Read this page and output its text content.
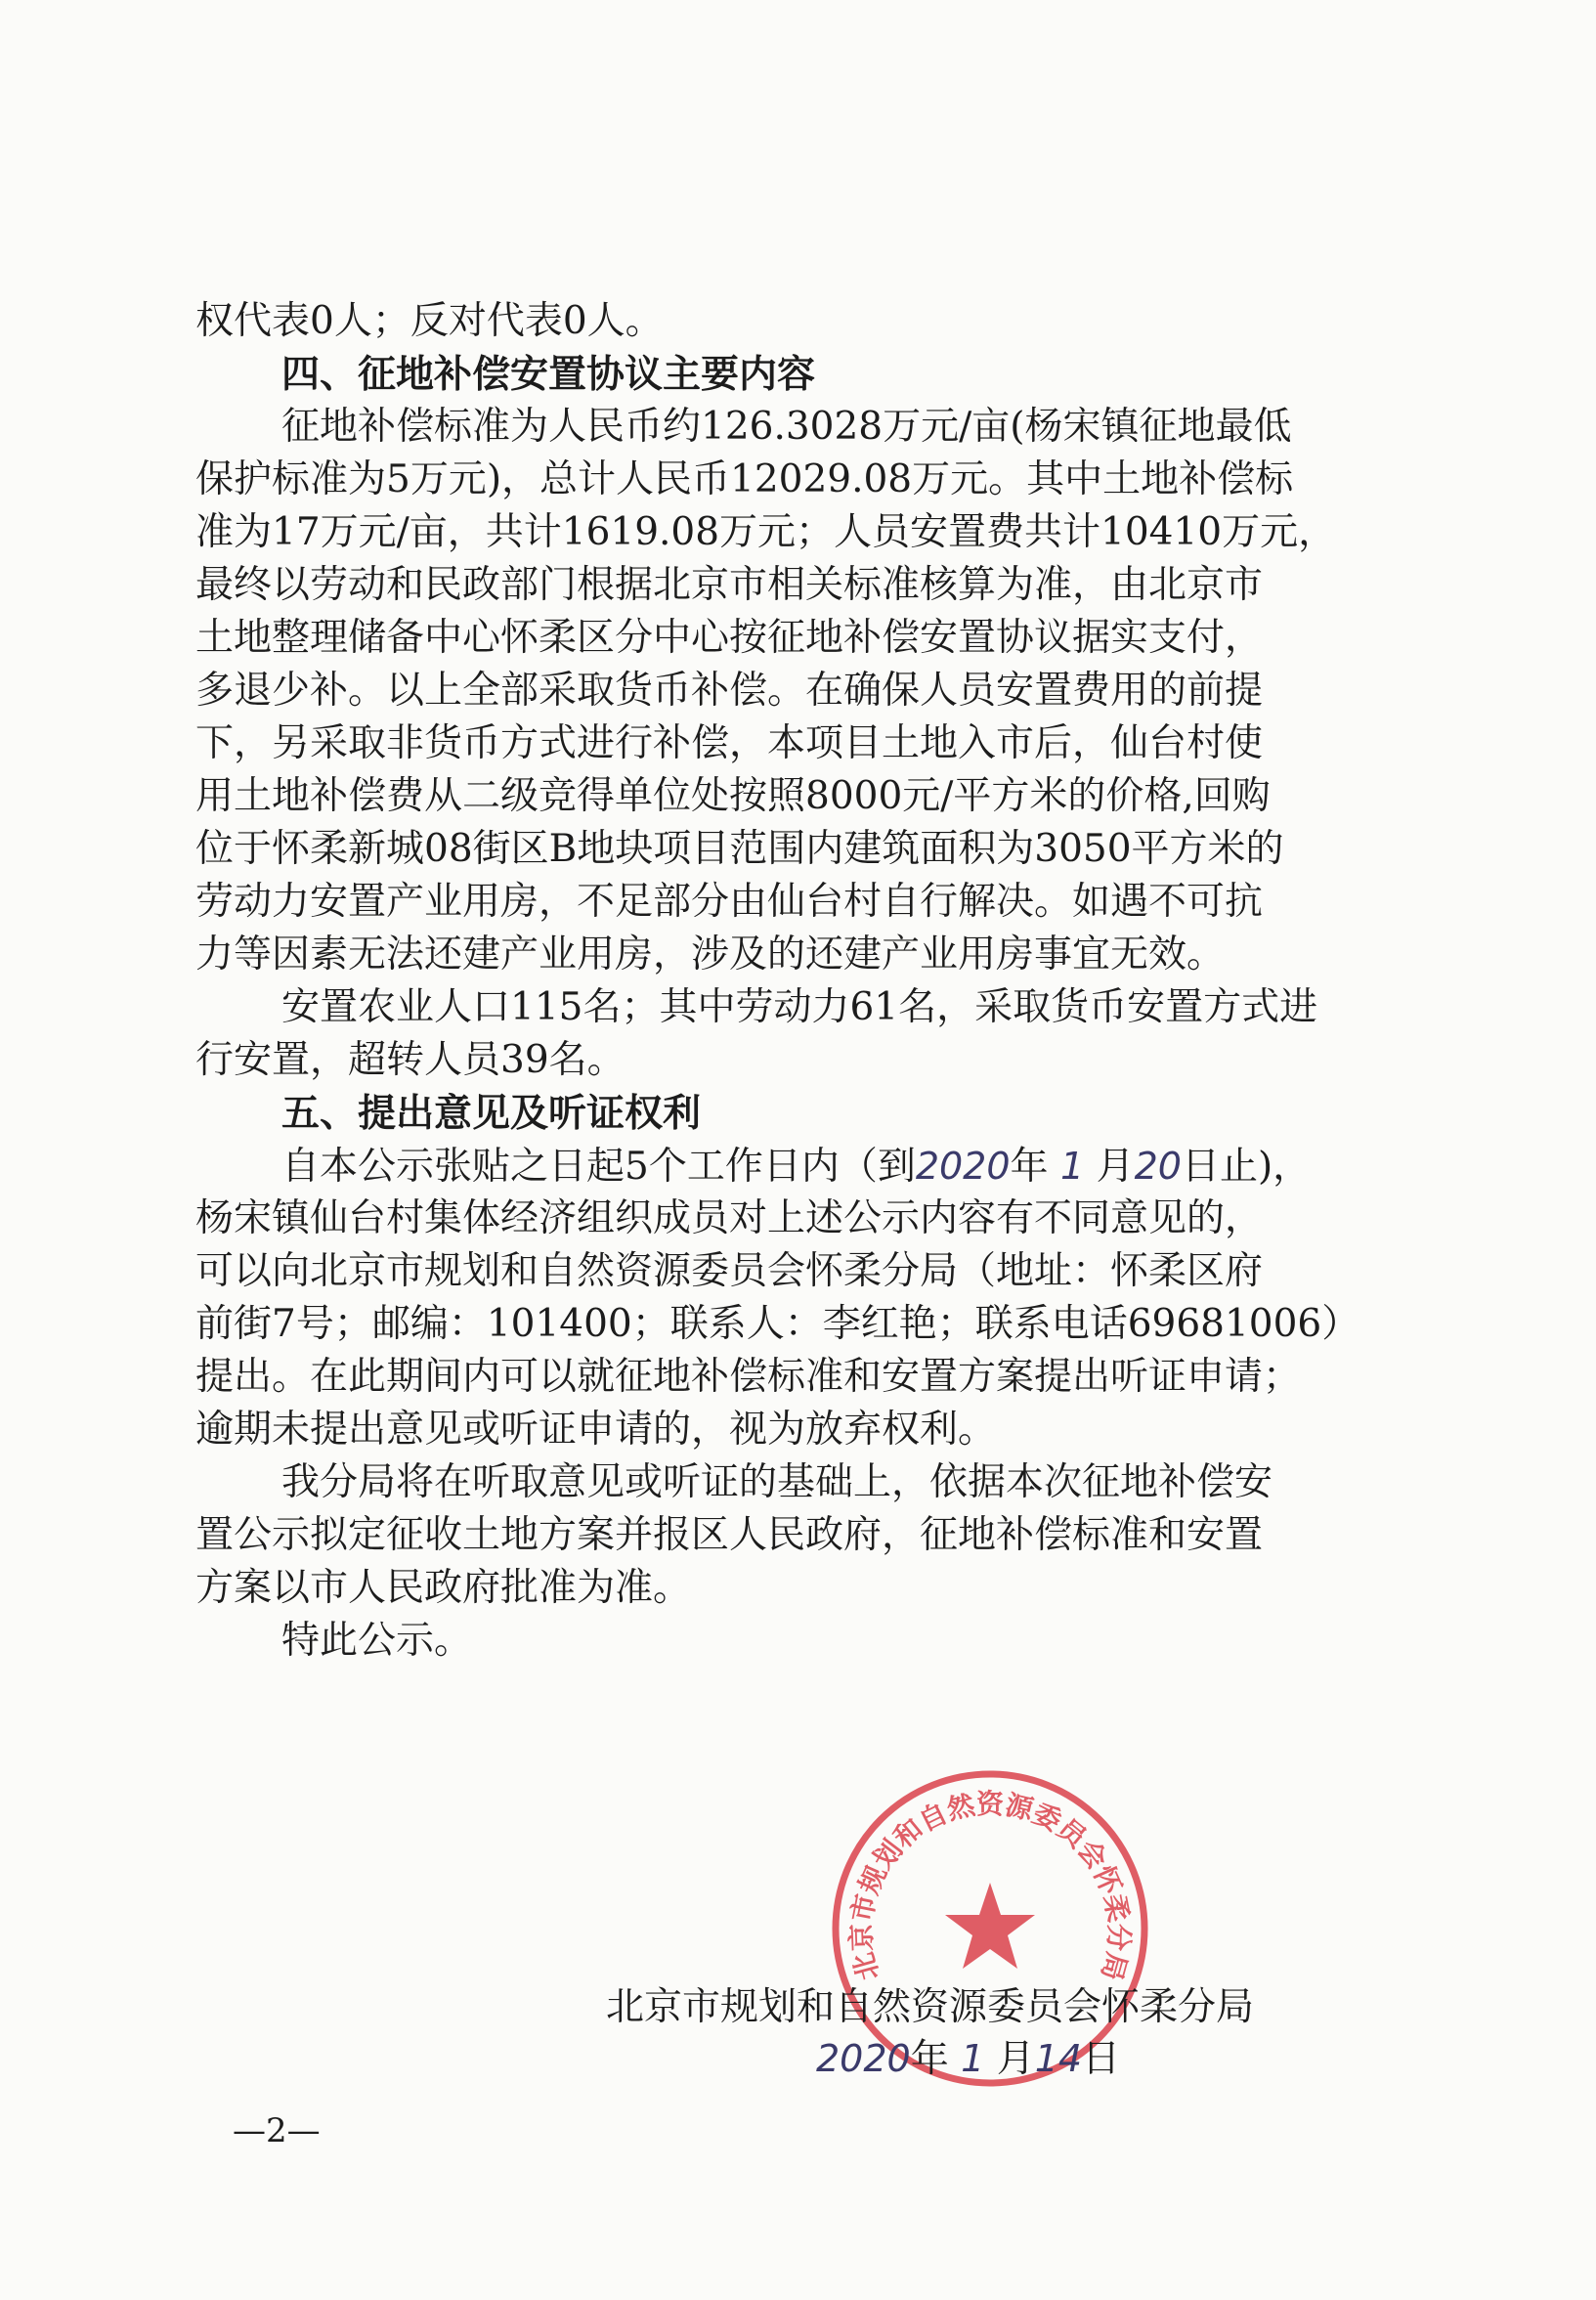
权代表0人；反对代表0人。
四、征地补偿安置协议主要内容
征地补偿标准为人民币约126.3028万元/亩(杨宋镇征地最低
保护标准为5万元)，总计人民币12029.08万元。其中土地补偿标
准为17万元/亩，共计1619.08万元；人员安置费共计10410万元，
最终以劳动和民政部门根据北京市相关标准核算为准，由北京市
土地整理储备中心怀柔区分中心按征地补偿安置协议据实支付，
多退少补。以上全部采取货币补偿。在确保人员安置费用的前提
下，另采取非货币方式进行补偿，本项目土地入市后，仙台村使
用土地补偿费从二级竞得单位处按照8000元/平方米的价格,回购
位于怀柔新城08街区B地块项目范围内建筑面积为3050平方米的
劳动力安置产业用房，不足部分由仙台村自行解决。如遇不可抗
力等因素无法还建产业用房，涉及的还建产业用房事宜无效。
安置农业人口115名；其中劳动力61名，采取货币安置方式进
行安置，超转人员39名。
五、提出意见及听证权利
自本公示张贴之日起5个工作日内（到2020年 1 月20日止)，
杨宋镇仙台村集体经济组织成员对上述公示内容有不同意见的，
可以向北京市规划和自然资源委员会怀柔分局（地址：怀柔区府
前街7号；邮编：101400；联系人：李红艳；联系电话69681006）
提出。在此期间内可以就征地补偿标准和安置方案提出听证申请；
逾期未提出意见或听证申请的，视为放弃权利。
我分局将在听取意见或听证的基础上，依据本次征地补偿安
置公示拟定征收土地方案并报区人民政府，征地补偿标准和安置
方案以市人民政府批准为准。
特此公示。
北京市规划和自然资源委员会怀柔分局
北京市规划和自然资源委员会怀柔分局
2020年 1 月14日
—2—
